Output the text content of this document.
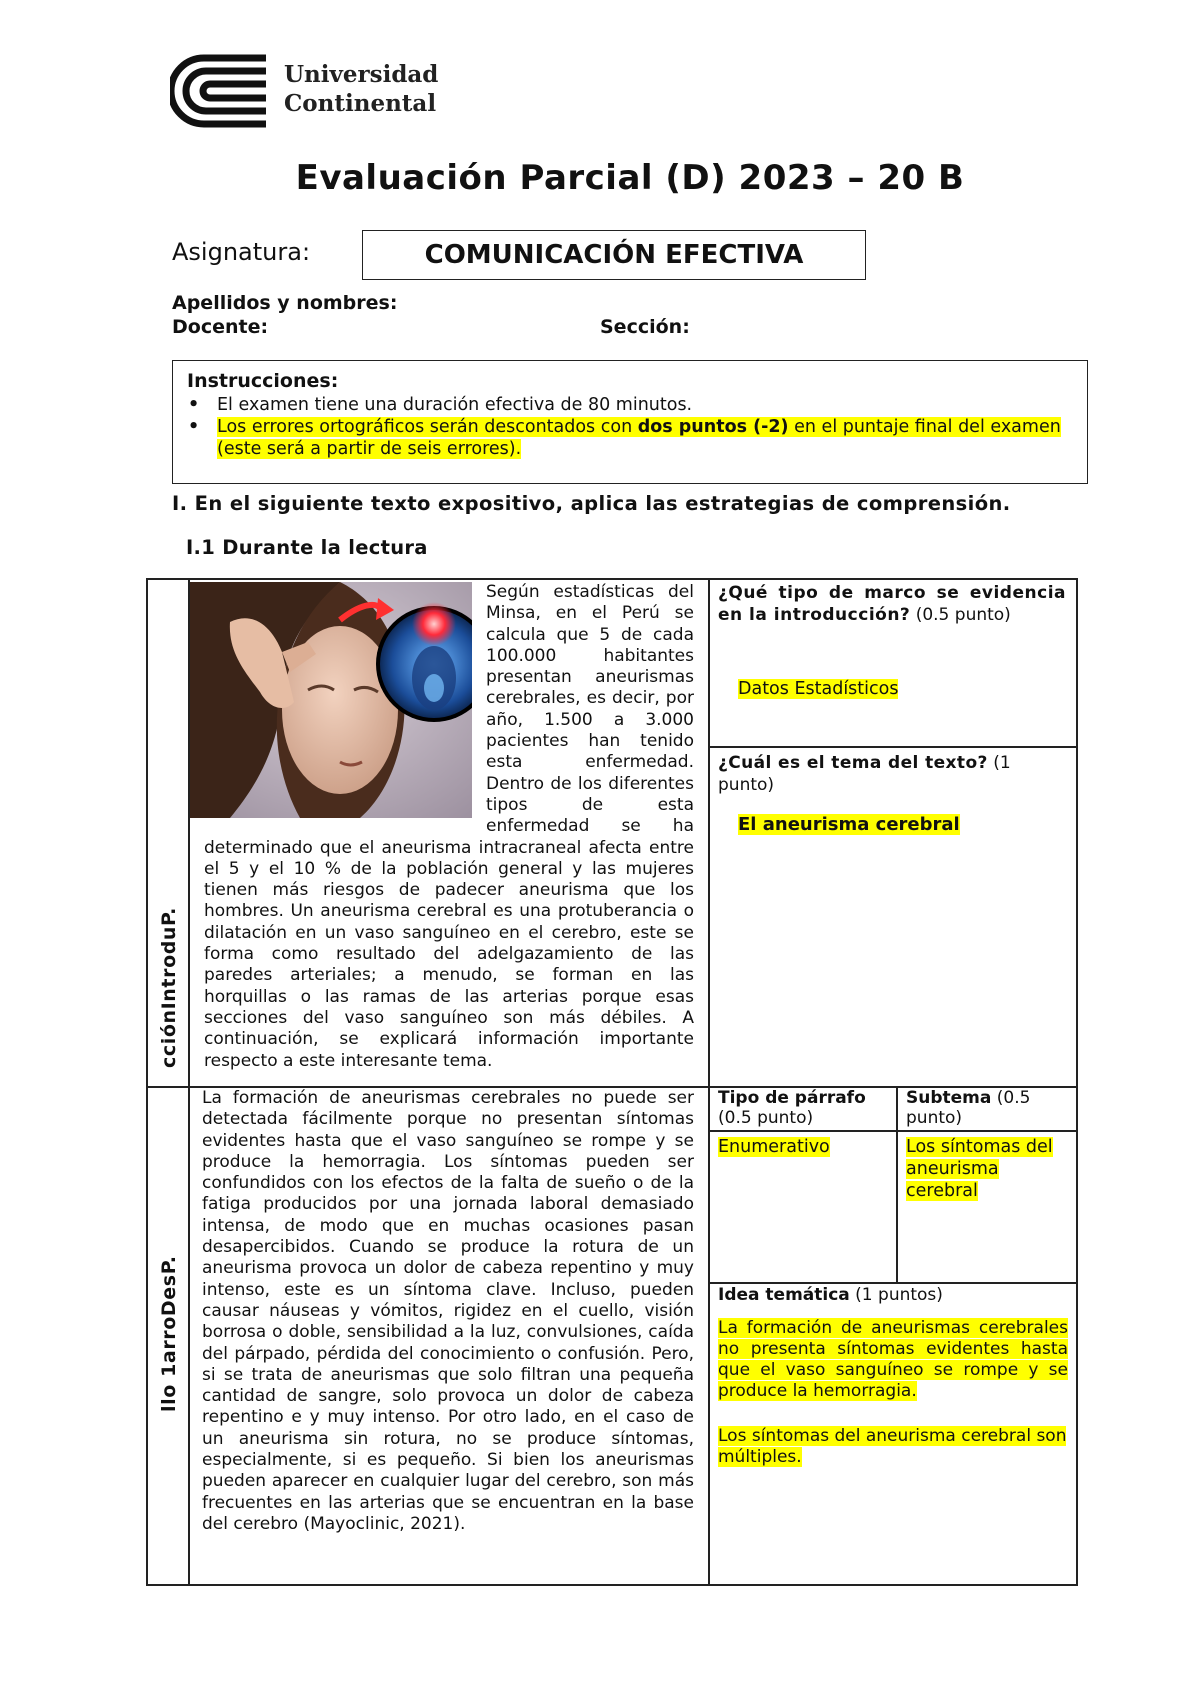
Universidad
Continental
Evaluación Parcial (D) 2023 – 20 B
Asignatura:	COMUNICACIÓN EFECTIVA
Apellidos y nombres:
Docente:	Sección:
Instrucciones:
• El examen tiene una duración efectiva de 80 minutos.
• Los errores ortográficos serán descontados con dos puntos (-2) en el puntaje final del examen (este será a partir de seis errores).
I. En el siguiente texto expositivo, aplica las estrategias de comprensión.
I.1 Durante la lectura
cciónIntroduP.
llo 1arroDesP.
Según estadísticas del Minsa, en el Perú se calcula que 5 de cada 100.000 habitantes presentan aneurismas cerebrales, es decir, por año, 1.500 a 3.000 pacientes han tenido esta enfermedad. Dentro de los diferentes tipos de esta enfermedad se ha determinado que el aneurisma intracraneal afecta entre el 5 y el 10 % de la población general y las mujeres tienen más riesgos de padecer aneurisma que los hombres. Un aneurisma cerebral es una protuberancia o dilatación en un vaso sanguíneo en el cerebro, este se forma como resultado del adelgazamiento de las paredes arteriales; a menudo, se forman en las horquillas o las ramas de las arterias porque esas secciones del vaso sanguíneo son más débiles. A continuación, se explicará información importante respecto a este interesante tema.
La formación de aneurismas cerebrales no puede ser detectada fácilmente porque no presentan síntomas evidentes hasta que el vaso sanguíneo se rompe y se produce la hemorragia. Los síntomas pueden ser confundidos con los efectos de la falta de sueño o de la fatiga producidos por una jornada laboral demasiado intensa, de modo que en muchas ocasiones pasan desapercibidos. Cuando se produce la rotura de un aneurisma provoca un dolor de cabeza repentino y muy intenso, este es un síntoma clave. Incluso, pueden causar náuseas y vómitos, rigidez en el cuello, visión borrosa o doble, sensibilidad a la luz, convulsiones, caída del párpado, pérdida del conocimiento o confusión. Pero, si se trata de aneurismas que solo filtran una pequeña cantidad de sangre, solo provoca un dolor de cabeza repentino e y muy intenso. Por otro lado, en el caso de un aneurisma sin rotura, no se produce síntomas, especialmente, si es pequeño. Si bien los aneurismas pueden aparecer en cualquier lugar del cerebro, son más frecuentes en las arterias que se encuentran en la base del cerebro (Mayoclinic, 2021).
¿Qué tipo de marco se evidencia en la introducción? (0.5 punto)
Datos Estadísticos
¿Cuál es el tema del texto? (1 punto)
El aneurisma cerebral
Tipo de párrafo (0.5 punto)
Enumerativo
Subtema (0.5 punto)
Los síntomas del aneurisma cerebral
Idea temática (1 puntos)
La formación de aneurismas cerebrales no presenta síntomas evidentes hasta que el vaso sanguíneo se rompe y se produce la hemorragia.
Los síntomas del aneurisma cerebral son múltiples.
